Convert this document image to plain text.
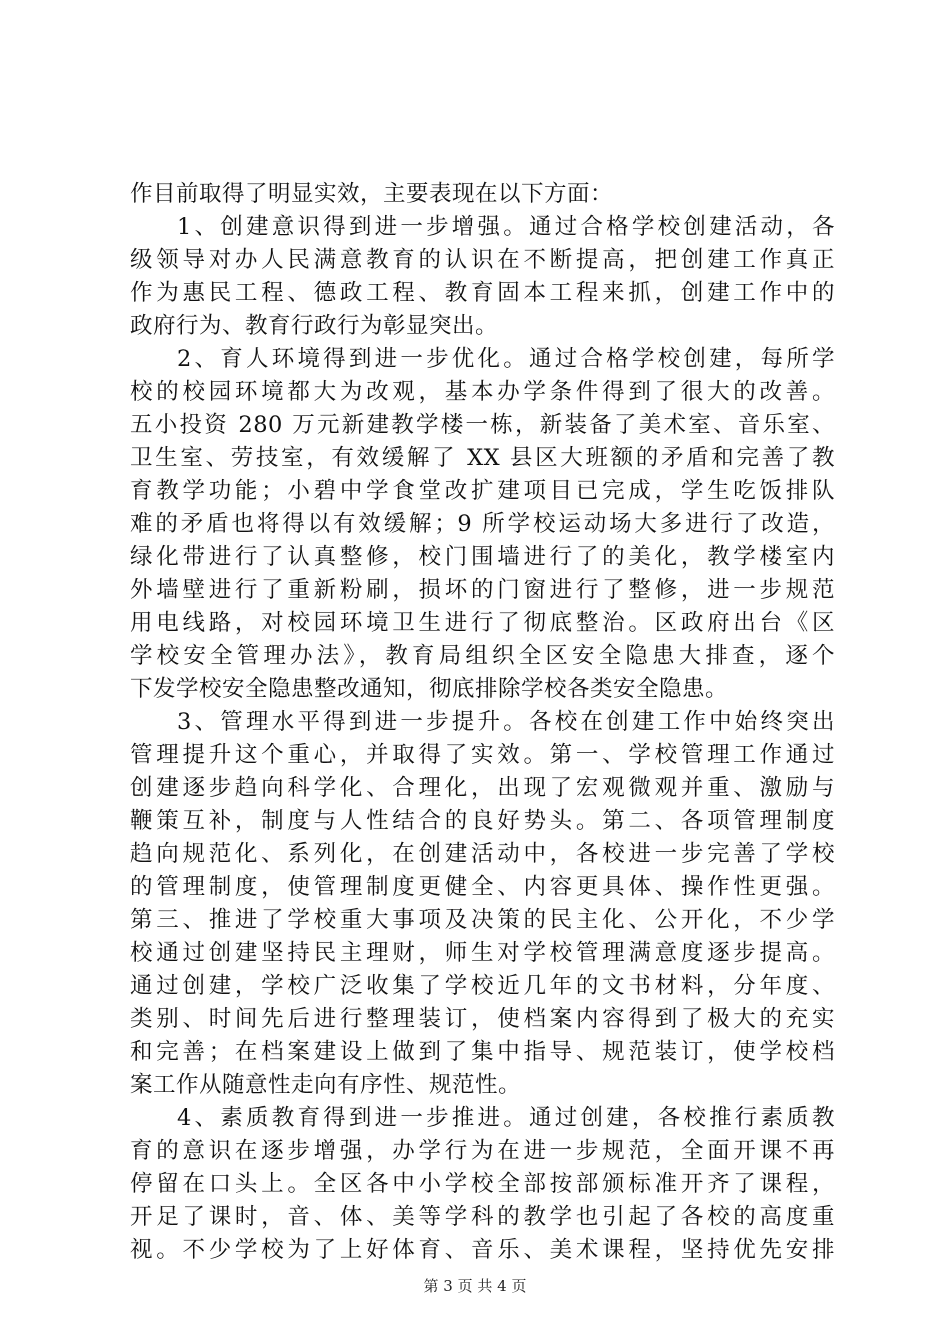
作目前取得了明显实效，主要表现在以下方面：
1、创建意识得到进一步增强。通过合格学校创建活动，各
级领导对办人民满意教育的认识在不断提高，把创建工作真正
作为惠民工程、德政工程、教育固本工程来抓，创建工作中的
政府行为、教育行政行为彰显突出。
2、育人环境得到进一步优化。通过合格学校创建，每所学
校的校园环境都大为改观，基本办学条件得到了很大的改善。
五小投资 280 万元新建教学楼一栋，新装备了美术室、音乐室、
卫生室、劳技室，有效缓解了 XX 县区大班额的矛盾和完善了教
育教学功能；小碧中学食堂改扩建项目已完成，学生吃饭排队
难的矛盾也将得以有效缓解；9 所学校运动场大多进行了改造，
绿化带进行了认真整修，校门围墙进行了的美化，教学楼室内
外墙壁进行了重新粉刷，损坏的门窗进行了整修，进一步规范
用电线路，对校园环境卫生进行了彻底整治。区政府出台《区
学校安全管理办法》，教育局组织全区安全隐患大排查，逐个
下发学校安全隐患整改通知，彻底排除学校各类安全隐患。
3、管理水平得到进一步提升。各校在创建工作中始终突出
管理提升这个重心，并取得了实效。第一、学校管理工作通过
创建逐步趋向科学化、合理化，出现了宏观微观并重、激励与
鞭策互补，制度与人性结合的良好势头。第二、各项管理制度
趋向规范化、系列化，在创建活动中，各校进一步完善了学校
的管理制度，使管理制度更健全、内容更具体、操作性更强。
第三、推进了学校重大事项及决策的民主化、公开化，不少学
校通过创建坚持民主理财，师生对学校管理满意度逐步提高。
通过创建，学校广泛收集了学校近几年的文书材料，分年度、
类别、时间先后进行整理装订，使档案内容得到了极大的充实
和完善；在档案建设上做到了集中指导、规范装订，使学校档
案工作从随意性走向有序性、规范性。
4、素质教育得到进一步推进。通过创建，各校推行素质教
育的意识在逐步增强，办学行为在进一步规范，全面开课不再
停留在口头上。全区各中小学校全部按部颁标准开齐了课程，
开足了课时，音、体、美等学科的教学也引起了各校的高度重
视。不少学校为了上好体育、音乐、美术课程，坚持优先安排
第 3 页 共 4 页
